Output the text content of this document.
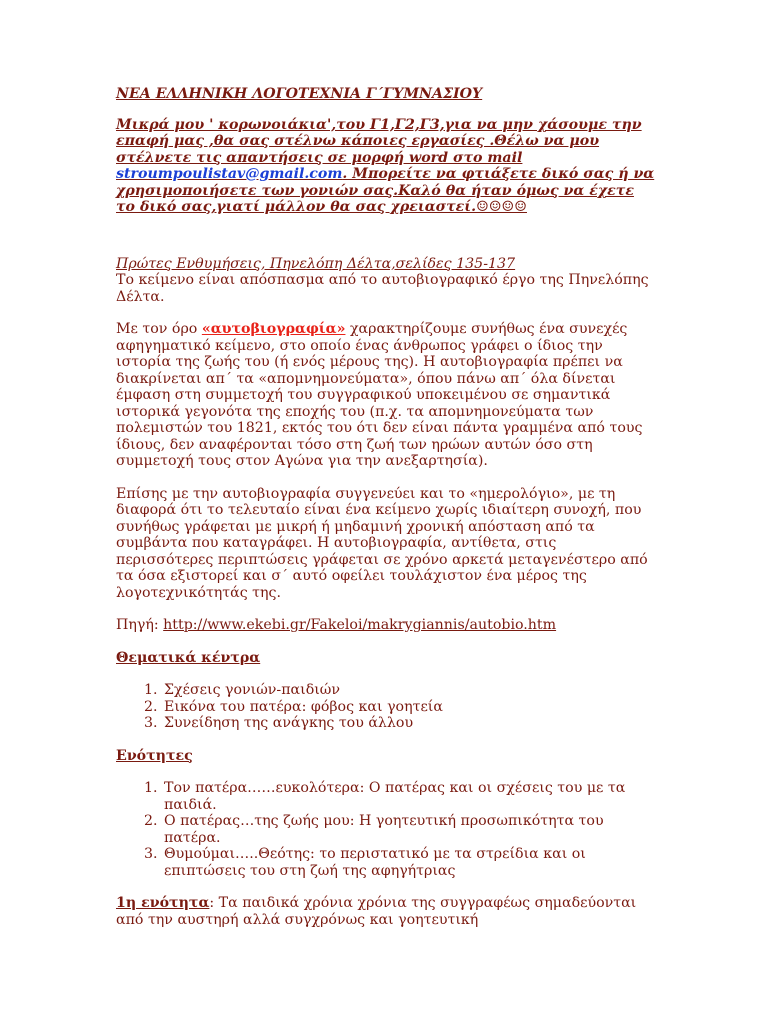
ΝΕΑ ΕΛΛΗΝΙΚΗ ΛΟΓΟΤΕΧΝΙΑ Γ΄ΓΥΜΝΑΣΙΟΥ

Μικρά μου ' κορωνοιάκια',του Γ1,Γ2,Γ3,για να μην χάσουμε την επαφή μας ,θα σας στέλνω κάποιες εργασίες .Θέλω να μου στέλνετε τις απαντήσεις σε μορφή word στο mail stroumpoulistav@gmail.com. Μπορείτε να φτιάξετε δικό σας ή να χρησιμοποιήσετε των γονιών σας.Καλό θα ήταν όμως να έχετε το δικό σας,γιατί μάλλον θα σας χρειαστεί.☺☺☺☺

Πρώτες Ενθυμήσεις, Πηνελόπη Δέλτα,σελίδες 135-137

Το κείμενο είναι απόσπασμα από το αυτοβιογραφικό έργο της Πηνελόπης Δέλτα.

Με τον όρο «αυτοβιογραφία» χαρακτηρίζουμε συνήθως ένα συνεχές αφηγηματικό κείμενο, στο οποίο ένας άνθρωπος γράφει ο ίδιος την ιστορία της ζωής του (ή ενός μέρους της). Η αυτοβιογραφία πρέπει να διακρίνεται απ΄ τα «απομνημονεύματα», όπου πάνω απ΄ όλα δίνεται έμφαση στη συμμετοχή του συγγραφικού υποκειμένου σε σημαντικά ιστορικά γεγονότα της εποχής του (π.χ. τα απομνημονεύματα των πολεμιστών του 1821, εκτός του ότι δεν είναι πάντα γραμμένα από τους ίδιους, δεν αναφέρονται τόσο στη ζωή των ηρώων αυτών όσο στη συμμετοχή τους στον Αγώνα για την ανεξαρτησία).

Επίσης με την αυτοβιογραφία συγγενεύει και το «ημερολόγιο», με τη διαφορά ότι το τελευταίο είναι ένα κείμενο χωρίς ιδιαίτερη συνοχή, που συνήθως γράφεται με μικρή ή μηδαμινή χρονική απόσταση από τα συμβάντα που καταγράφει. Η αυτοβιογραφία, αντίθετα, στις περισσότερες περιπτώσεις γράφεται σε χρόνο αρκετά μεταγενέστερο από τα όσα εξιστορεί και σ΄ αυτό οφείλει τουλάχιστον ένα μέρος της λογοτεχνικότητάς της.

Πηγή: http://www.ekebi.gr/Fakeloi/makrygiannis/autobio.htm

Θεματικά κέντρα

1. Σχέσεις γονιών-παιδιών
2. Εικόνα του πατέρα: φόβος και γοητεία
3. Συνείδηση της ανάγκης του άλλου

Ενότητες

1. Τον πατέρα……ευκολότερα: Ο πατέρας και οι σχέσεις του με τα παιδιά.
2. Ο πατέρας…της ζωής μου: Η γοητευτική προσωπικότητα του πατέρα.
3. Θυμούμαι…..Θεότης: το περιστατικό με τα στρείδια και οι επιπτώσεις του στη ζωή της αφηγήτριας

1η ενότητα: Τα παιδικά χρόνια χρόνια της συγγραφέως σημαδεύονται από την αυστηρή αλλά συγχρόνως και γοητευτική
